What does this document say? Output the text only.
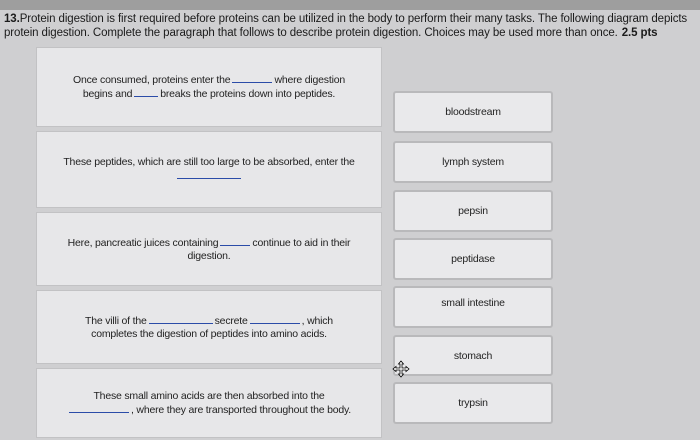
13.Protein digestion is first required before proteins can be utilized in the body to perform their many tasks. The following diagram depicts protein digestion. Complete the paragraph that follows to describe protein digestion. Choices may be used more than once. 2.5 pts
Once consumed, proteins enter the	where digestion begins and	breaks the proteins down into peptides.
These peptides, which are still too large to be absorbed, enter the
Here, pancreatic juices containing	continue to aid in their digestion.
The villi of the	secrete	, which completes the digestion of peptides into amino acids.
These small amino acids are then absorbed into the, where they are transported throughout the body.
bloodstream
lymph system
pepsin
peptidase
small intestine
stomach
trypsin
